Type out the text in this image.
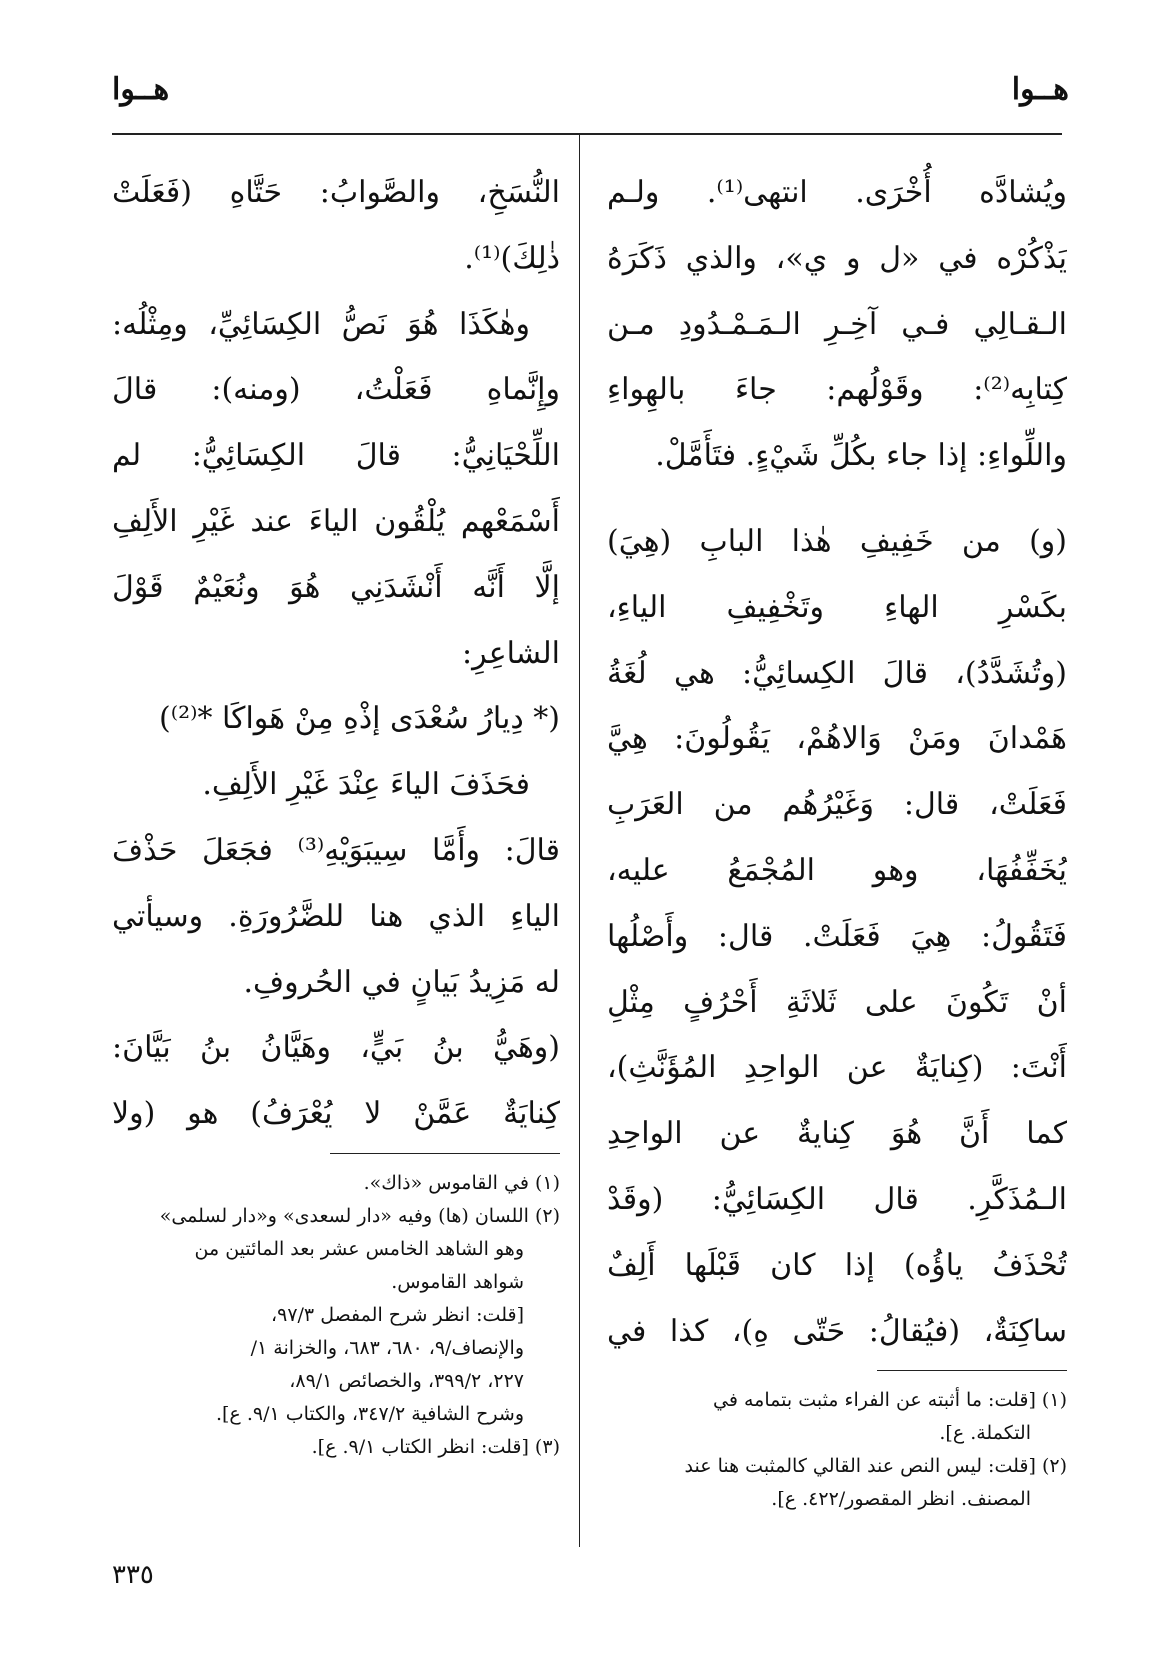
هــوا
هــوا
ويُشادَّه أُخْرَى. انتهى⁽¹⁾. ولـم
يَذْكُرْه في «ل و ي»، والذي ذَكَرَهُ
الـقـالِي فـي آخِـرِ الـمَـمْـدُودِ مـن
كِتابِه⁽²⁾: وقَوْلُهم: جاءَ بالهِواءِ
واللِّواءِ: إذا جاء بكُلِّ شَيْءٍ. فتَأَمَّلْ.
(و) من خَفِيفِ هٰذا البابِ (هِيَ)
بكَسْرِ الهاءِ وتَخْفِيفِ الياءِ،
(وتُشَدَّدُ)، قالَ الكِسائِيُّ: هي لُغَةُ
هَمْدانَ ومَنْ وَالاهُمْ، يَقُولُونَ: هِيَّ
فَعَلَتْ، قال: وَغَيْرُهُم من العَرَبِ
يُخَفِّفُهَا، وهو المُجْمَعُ عليه،
فَتَقُولُ: هِيَ فَعَلَتْ. قال: وأَصْلُها
أنْ تَكُونَ على ثَلاثَةِ أَحْرُفٍ مِثْلِ
أَنْتَ: (كِنايَةٌ عن الواحِدِ المُؤَنَّثِ)،
كما أَنَّ هُوَ كِنايةٌ عن الواحِدِ
الـمُذَكَّرِ. قال الكِسَائِيُّ: (وقَدْ
تُحْذَفُ ياؤُه) إذا كان قَبْلَها أَلِفٌ
ساكِنَةٌ، (فيُقالُ: حَتّى هِ)، كذا في
(١) [قلت: ما أثبته عن الفراء مثبت بتمامه في
التكملة. ع].
(٢) [قلت: ليس النص عند القالي كالمثبت هنا عند
المصنف. انظر المقصور/٤٢٢. ع].
النُّسَخِ، والصَّوابُ: حَتَّاهِ (فَعَلَتْ
ذٰلِكَ)⁽¹⁾.
وهٰكَذَا هُوَ نَصُّ الكِسَائِيِّ، ومِثْلُه:
وإِنَّماهِ فَعَلْتُ، (ومنه): قالَ
اللِّحْيَانِيُّ: قالَ الكِسَائِيُّ: لم
أَسْمَعْهم يُلْقُون الياءَ عند غَيْرِ الأَلِفِ
إلَّا أَنَّه أَنْشَدَنِي هُوَ ونُعَيْمٌ قَوْلَ
الشاعِرِ:
(* دِيارُ سُعْدَى إذْهِ مِنْ هَواكَا *⁽²⁾)
فحَذَفَ الياءَ عِنْدَ غَيْرِ الأَلِفِ.
قالَ: وأَمَّا سِيبَوَيْهِ⁽³⁾ فجَعَلَ حَذْفَ
الياءِ الذي هنا للضَّرُورَةِ. وسيأتي
له مَزِيدُ بَيانٍ في الحُروفِ.
(وهَيُّ بنُ بَيٍّ، وهَيَّانُ بنُ بَيَّانَ:
كِنايَةٌ عَمَّنْ لا يُعْرَفُ) هو (ولا
(١) في القاموس «ذاك».
(٢) اللسان (ها) وفيه «دار لسعدى» و«دار لسلمى»
وهو الشاهد الخامس عشر بعد المائتين من
شواهد القاموس.
[قلت: انظر شرح المفصل ٩٧/٣،
والإنصاف/٩، ٦٨٠، ٦٨٣، والخزانة ١/
٢٢٧، ٣٩٩/٢، والخصائص ٨٩/١،
وشرح الشافية ٣٤٧/٢، والكتاب ٩/١. ع].
(٣) [قلت: انظر الكتاب ٩/١. ع].
٣٣٥
